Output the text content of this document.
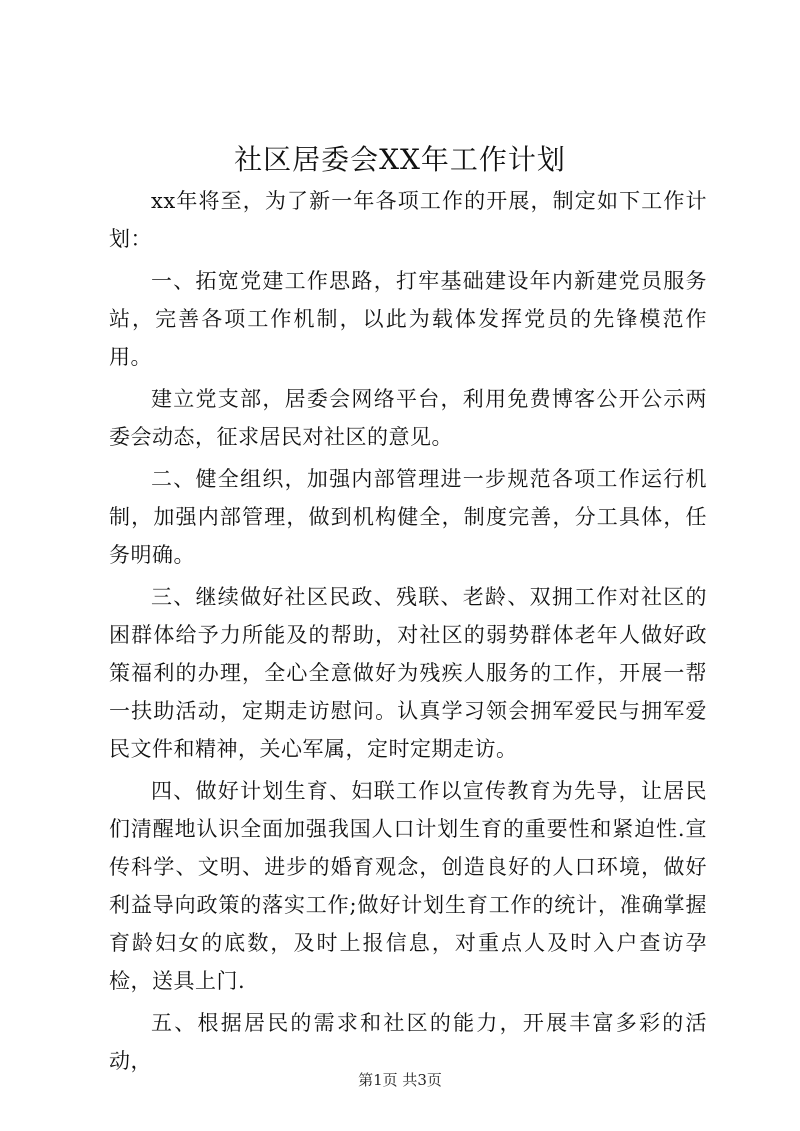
社区居委会XX年工作计划

xx年将至，为了新一年各项工作的开展，制定如下工作计划：

一、拓宽党建工作思路，打牢基础建设年内新建党员服务站，完善各项工作机制，以此为载体发挥党员的先锋模范作用。

建立党支部，居委会网络平台，利用免费博客公开公示两委会动态，征求居民对社区的意见。

二、健全组织，加强内部管理进一步规范各项工作运行机制，加强内部管理，做到机构健全，制度完善，分工具体，任务明确。

三、继续做好社区民政、残联、老龄、双拥工作对社区的困群体给予力所能及的帮助，对社区的弱势群体老年人做好政策福利的办理，全心全意做好为残疾人服务的工作，开展一帮一扶助活动，定期走访慰问。认真学习领会拥军爱民与拥军爱民文件和精神，关心军属，定时定期走访。

四、做好计划生育、妇联工作以宣传教育为先导，让居民们清醒地认识全面加强我国人口计划生育的重要性和紧迫性.宣传科学、文明、进步的婚育观念，创造良好的人口环境，做好利益导向政策的落实工作;做好计划生育工作的统计，准确掌握育龄妇女的底数，及时上报信息，对重点人及时入户查访孕检，送具上门.

五、根据居民的需求和社区的能力，开展丰富多彩的活动，

第1页 共3页
